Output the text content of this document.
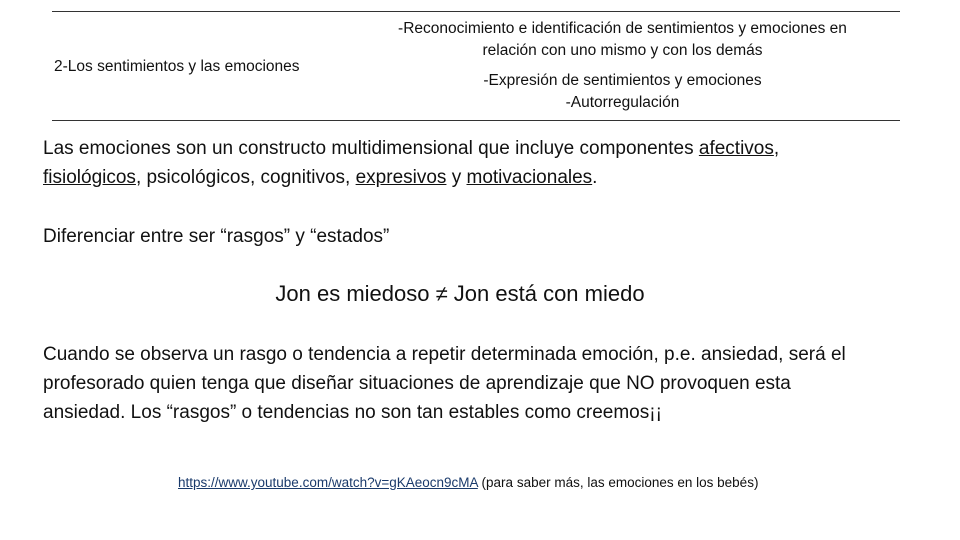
2-Los sentimientos y las emociones
-Reconocimiento e identificación de sentimientos y emociones en
relación con uno mismo y con los demás
-Expresión de sentimientos y emociones
-Autorregulación

Las emociones son un constructo multidimensional que incluye componentes afectivos, fisiológicos, psicológicos, cognitivos, expresivos y motivacionales.

Diferenciar entre ser “rasgos” y “estados”

Jon es miedoso ≠ Jon está con miedo

Cuando se observa un rasgo o tendencia a repetir determinada emoción, p.e. ansiedad, será el profesorado quien tenga que diseñar situaciones de aprendizaje que NO provoquen esta ansiedad. Los “rasgos” o tendencias no son tan estables como creemos¡¡

https://www.youtube.com/watch?v=gKAeocn9cMA (para saber más, las emociones en los bebés)
